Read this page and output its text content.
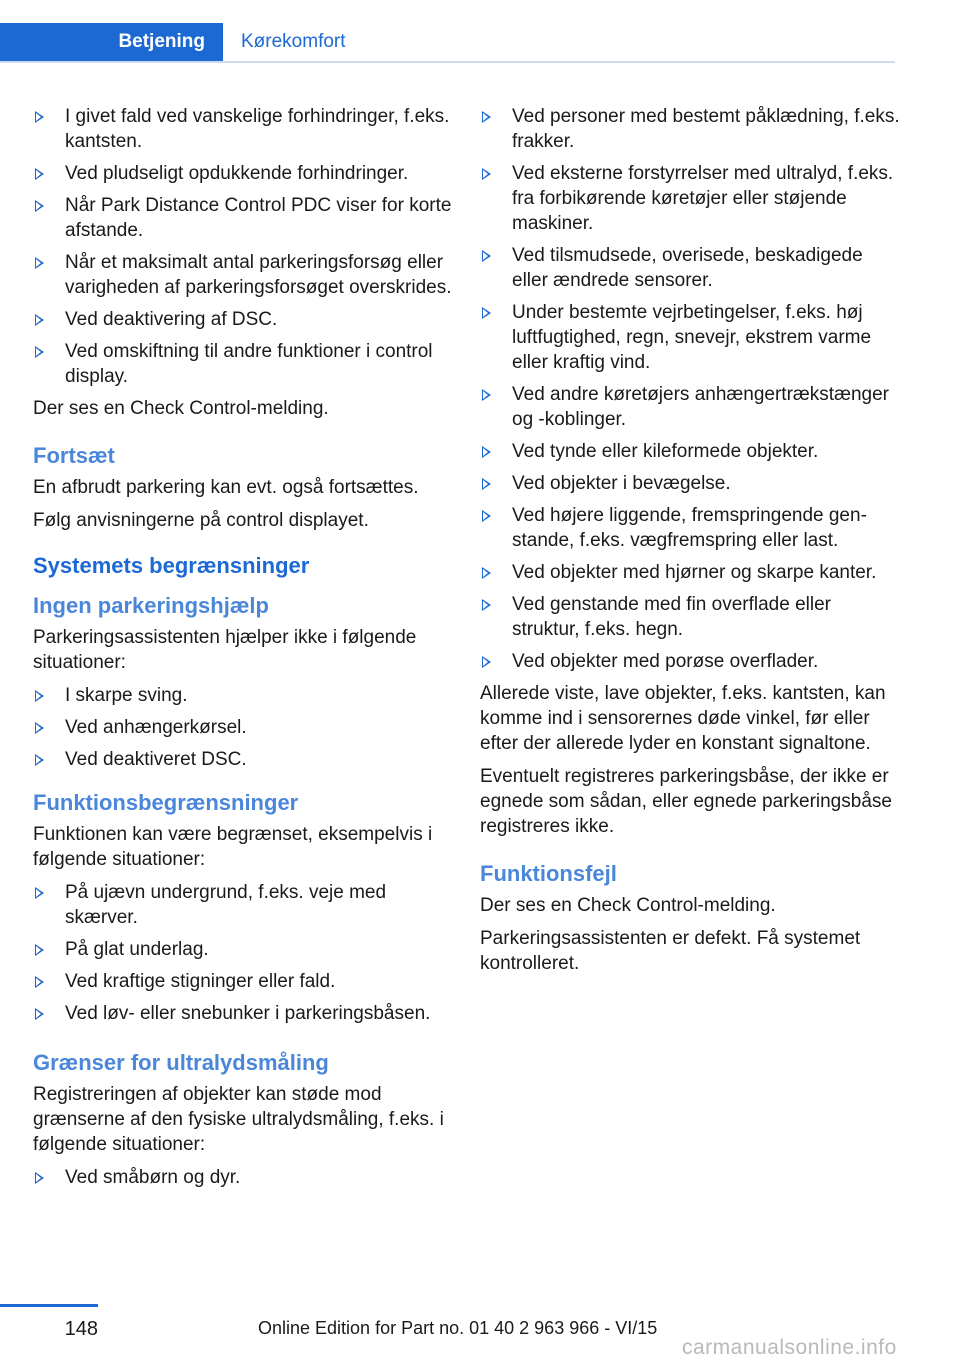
Betjening	Kørekomfort
I givet fald ved vanskelige forhindringer, f.eks. kantsten.
Ved pludseligt opdukkende forhindringer.
Når Park Distance Control PDC viser for korte afstande.
Når et maksimalt antal parkeringsforsøg eller varigheden af parkeringsforsøget overskrides.
Ved deaktivering af DSC.
Ved omskiftning til andre funktioner i control display.

Der ses en Check Control-melding.

Fortsæt

En afbrudt parkering kan evt. også fortsættes.

Følg anvisningerne på control displayet.

Systemets begrænsninger
Ingen parkeringshjælp

Parkeringsassistenten hjælper ikke i følgende situationer:

I skarpe sving.
Ved anhængerkørsel.
Ved deaktiveret DSC.
Funktionsbegrænsninger

Funktionen kan være begrænset, eksempelvis i følgende situationer:

På ujævn undergrund, f.eks. veje med skærver.
På glat underlag.
Ved kraftige stigninger eller fald.
Ved løv- eller snebunker i parkeringsbåsen.
Grænser for ultralydsmåling

Registreringen af objekter kan støde mod grænserne af den fysiske ultralydsmåling, f.eks. i følgende situationer:

Ved småbørn og dyr.
Ved personer med bestemt påklædning, f.eks. frakker.
Ved eksterne forstyrrelser med ultralyd, f.eks. fra forbikørende køretøjer eller støjende maskiner.
Ved tilsmudsede, overisede, beskadigede eller ændrede sensorer.
Under bestemte vejrbetingelser, f.eks. høj luftfugtighed, regn, snevejr, ekstrem varme eller kraftig vind.
Ved andre køretøjers anhængertrækstænger og -koblinger.
Ved tynde eller kileformede objekter.
Ved objekter i bevægelse.
Ved højere liggende, fremspringende genstande, f.eks. vægfremspring eller last.
Ved objekter med hjørner og skarpe kanter.
Ved genstande med fin overflade eller struktur, f.eks. hegn.
Ved objekter med porøse overflader.

Allerede viste, lave objekter, f.eks. kantsten, kan komme ind i sensorernes døde vinkel, før eller efter der allerede lyder en konstant signaltone.

Eventuelt registreres parkeringsbåse, der ikke er egnede som sådan, eller egnede parkeringsbåse registreres ikke.

Funktionsfejl

Der ses en Check Control-melding.

Parkeringsassistenten er defekt. Få systemet kontrolleret.

148	Online Edition for Part no. 01 40 2 963 966 - VI/15
carmanualsonline.info
